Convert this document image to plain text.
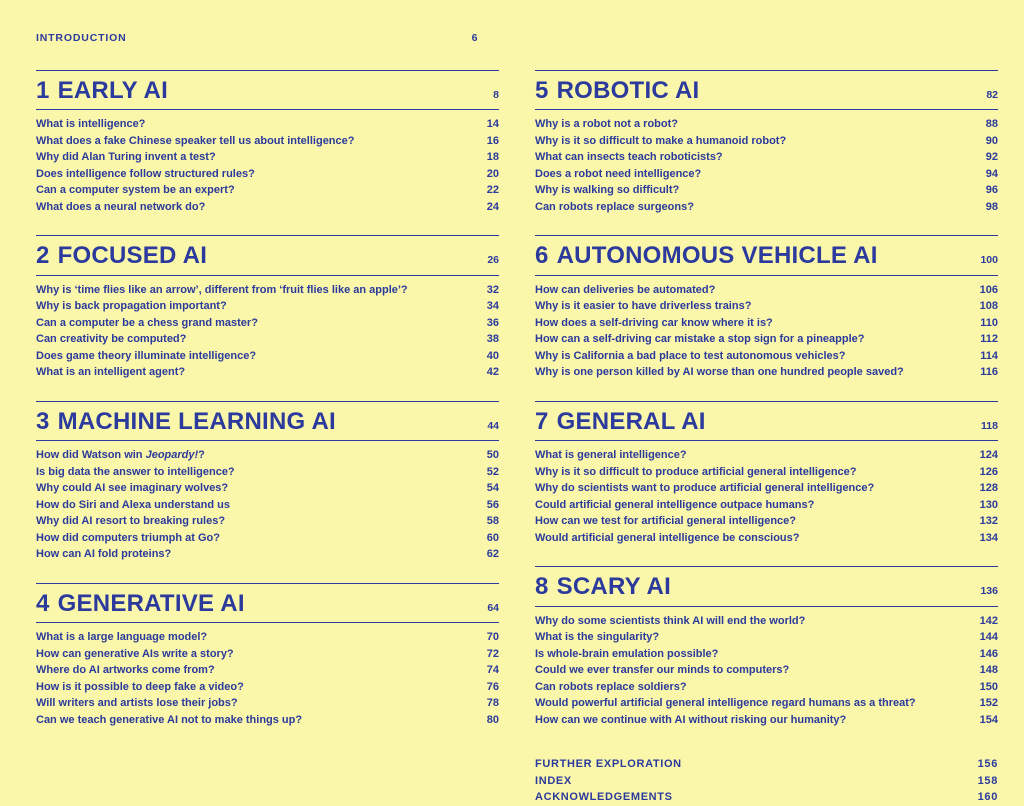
INTRODUCTION	6
1 EARLY AI	8
What is intelligence?	14
What does a fake Chinese speaker tell us about intelligence?	16
Why did Alan Turing invent a test?	18
Does intelligence follow structured rules?	20
Can a computer system be an expert?	22
What does a neural network do?	24
2 FOCUSED AI	26
Why is ‘time flies like an arrow’, different from ‘fruit flies like an apple’?	32
Why is back propagation important?	34
Can a computer be a chess grand master?	36
Can creativity be computed?	38
Does game theory illuminate intelligence?	40
What is an intelligent agent?	42
3 MACHINE LEARNING AI	44
How did Watson win Jeopardy!?	50
Is big data the answer to intelligence?	52
Why could AI see imaginary wolves?	54
How do Siri and Alexa understand us	56
Why did AI resort to breaking rules?	58
How did computers triumph at Go?	60
How can AI fold proteins?	62
4 GENERATIVE AI	64
What is a large language model?	70
How can generative AIs write a story?	72
Where do AI artworks come from?	74
How is it possible to deep fake a video?	76
Will writers and artists lose their jobs?	78
Can we teach generative AI not to make things up?	80
5 ROBOTIC AI	82
Why is a robot not a robot?	88
Why is it so difficult to make a humanoid robot?	90
What can insects teach roboticists?	92
Does a robot need intelligence?	94
Why is walking so difficult?	96
Can robots replace surgeons?	98
6 AUTONOMOUS VEHICLE AI	100
How can deliveries be automated?	106
Why is it easier to have driverless trains?	108
How does a self-driving car know where it is?	110
How can a self-driving car mistake a stop sign for a pineapple?	112
Why is California a bad place to test autonomous vehicles?	114
Why is one person killed by AI worse than one hundred people saved?	116
7 GENERAL AI	118
What is general intelligence?	124
Why is it so difficult to produce artificial general intelligence?	126
Why do scientists want to produce artificial general intelligence?	128
Could artificial general intelligence outpace humans?	130
How can we test for artificial general intelligence?	132
Would artificial general intelligence be conscious?	134
8 SCARY AI	136
Why do some scientists think AI will end the world?	142
What is the singularity?	144
Is whole-brain emulation possible?	146
Could we ever transfer our minds to computers?	148
Can robots replace soldiers?	150
Would powerful artificial general intelligence regard humans as a threat?	152
How can we continue with AI without risking our humanity?	154
FURTHER EXPLORATION	156
INDEX	158
ACKNOWLEDGEMENTS	160
